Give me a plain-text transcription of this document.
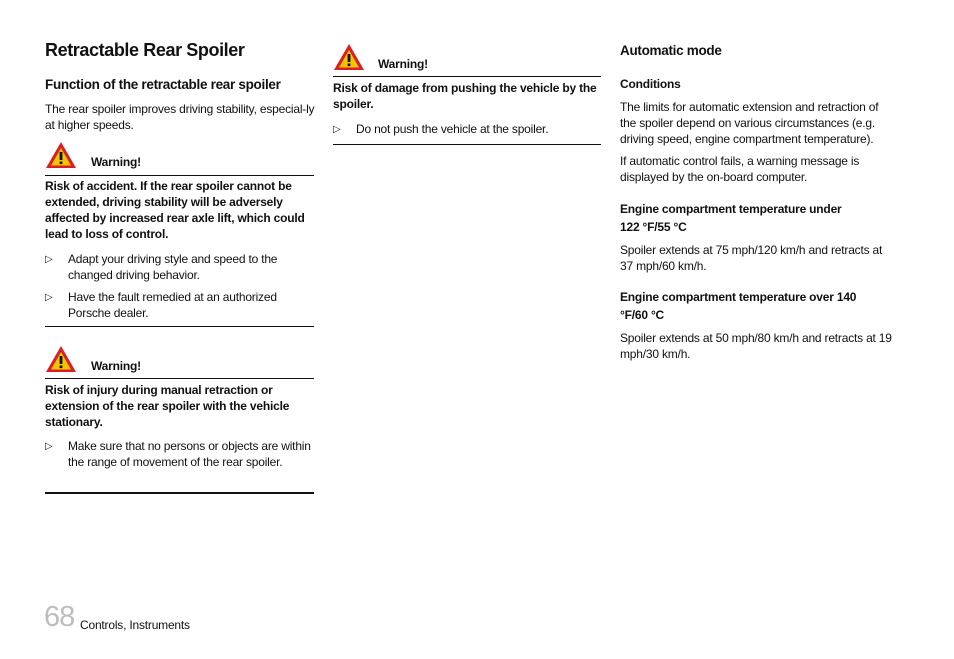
Retractable Rear Spoiler
Function of the retractable rear spoiler

The rear spoiler improves driving stability, especial-ly at higher speeds.

Warning!

Risk of accident. If the rear spoiler cannot be extended, driving stability will be adversely affected by increased rear axle lift, which could lead to loss of control.

▷	Adapt your driving style and speed to the changed driving behavior.
▷	Have the fault remedied at an authorized Porsche dealer.
Warning!

Risk of injury during manual retraction or extension of the rear spoiler with the vehicle stationary.

▷	Make sure that no persons or objects are within the range of movement of the rear spoiler.
Warning!

Risk of damage from pushing the vehicle by the spoiler.

▷	Do not push the vehicle at the spoiler.
Automatic mode
Conditions

The limits for automatic extension and retraction of the spoiler depend on various circumstances (e.g. driving speed, engine compartment temperature).

If automatic control fails, a warning message is displayed by the on-board computer.

Engine compartment temperature under 122 °F/55 °C

Spoiler extends at 75 mph/120 km/h and retracts at 37 mph/60 km/h.

Engine compartment temperature over 140 °F/60 °C

Spoiler extends at 50 mph/80 km/h and retracts at 19 mph/30 km/h.

68 Controls, Instruments
